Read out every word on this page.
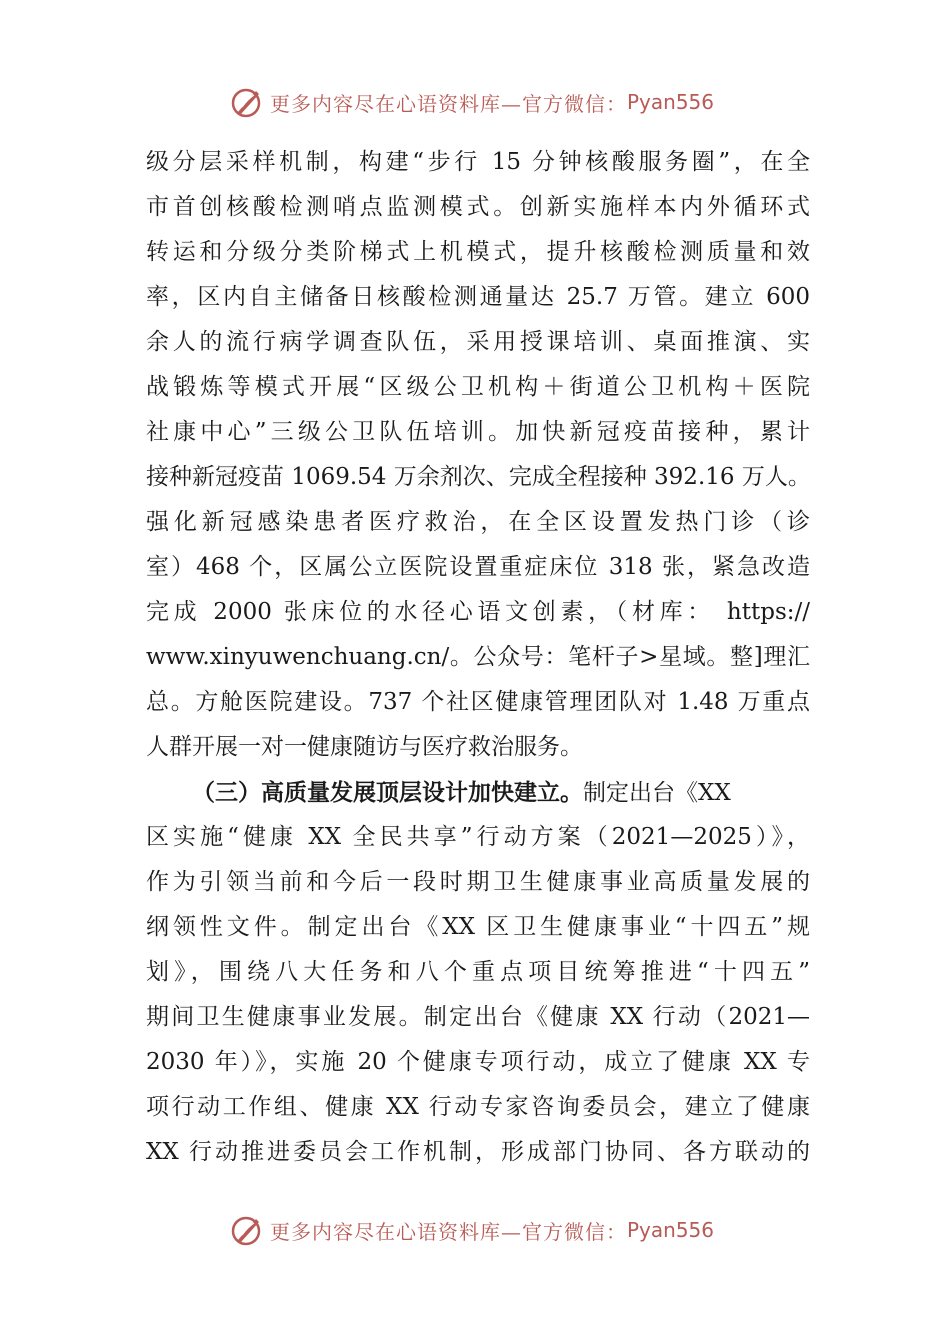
更多内容尽在心语资料库—官方微信： Pyan556
级分层采样机制，构建“步行 15 分钟核酸服务圈”，在全
市首创核酸检测哨点监测模式。创新实施样本内外循环式
转运和分级分类阶梯式上机模式，提升核酸检测质量和效
率，区内自主储备日核酸检测通量达 25.7 万管。建立 600
余人的流行病学调查队伍，采用授课培训、桌面推演、实
战锻炼等模式开展“区级公卫机构＋街道公卫机构＋医院
社康中心”三级公卫队伍培训。加快新冠疫苗接种，累计
接种新冠疫苗 1069.54 万余剂次、完成全程接种 392.16 万人。
强化新冠感染患者医疗救治，在全区设置发热门诊（诊
室）468 个，区属公立医院设置重症床位 318 张，紧急改造
完成 2000 张床位的水径心语文创素，（材库： https://
www.xinyuwenchuang.cn/。公众号：笔杆子>星域。整]理汇
总。方舱医院建设。737 个社区健康管理团队对 1.48 万重点
人群开展一对一健康随访与医疗救治服务。
（三）高质量发展顶层设计加快建立。制定出台《XX
区实施“健康 XX 全民共享”行动方案（2021—2025）》，
作为引领当前和今后一段时期卫生健康事业高质量发展的
纲领性文件。制定出台《XX 区卫生健康事业“十四五”规
划》，围绕八大任务和八个重点项目统筹推进“十四五”
期间卫生健康事业发展。制定出台《健康 XX 行动（2021—
2030 年）》，实施 20 个健康专项行动，成立了健康 XX 专
项行动工作组、健康 XX 行动专家咨询委员会，建立了健康
XX 行动推进委员会工作机制，形成部门协同、各方联动的
更多内容尽在心语资料库—官方微信： Pyan556
